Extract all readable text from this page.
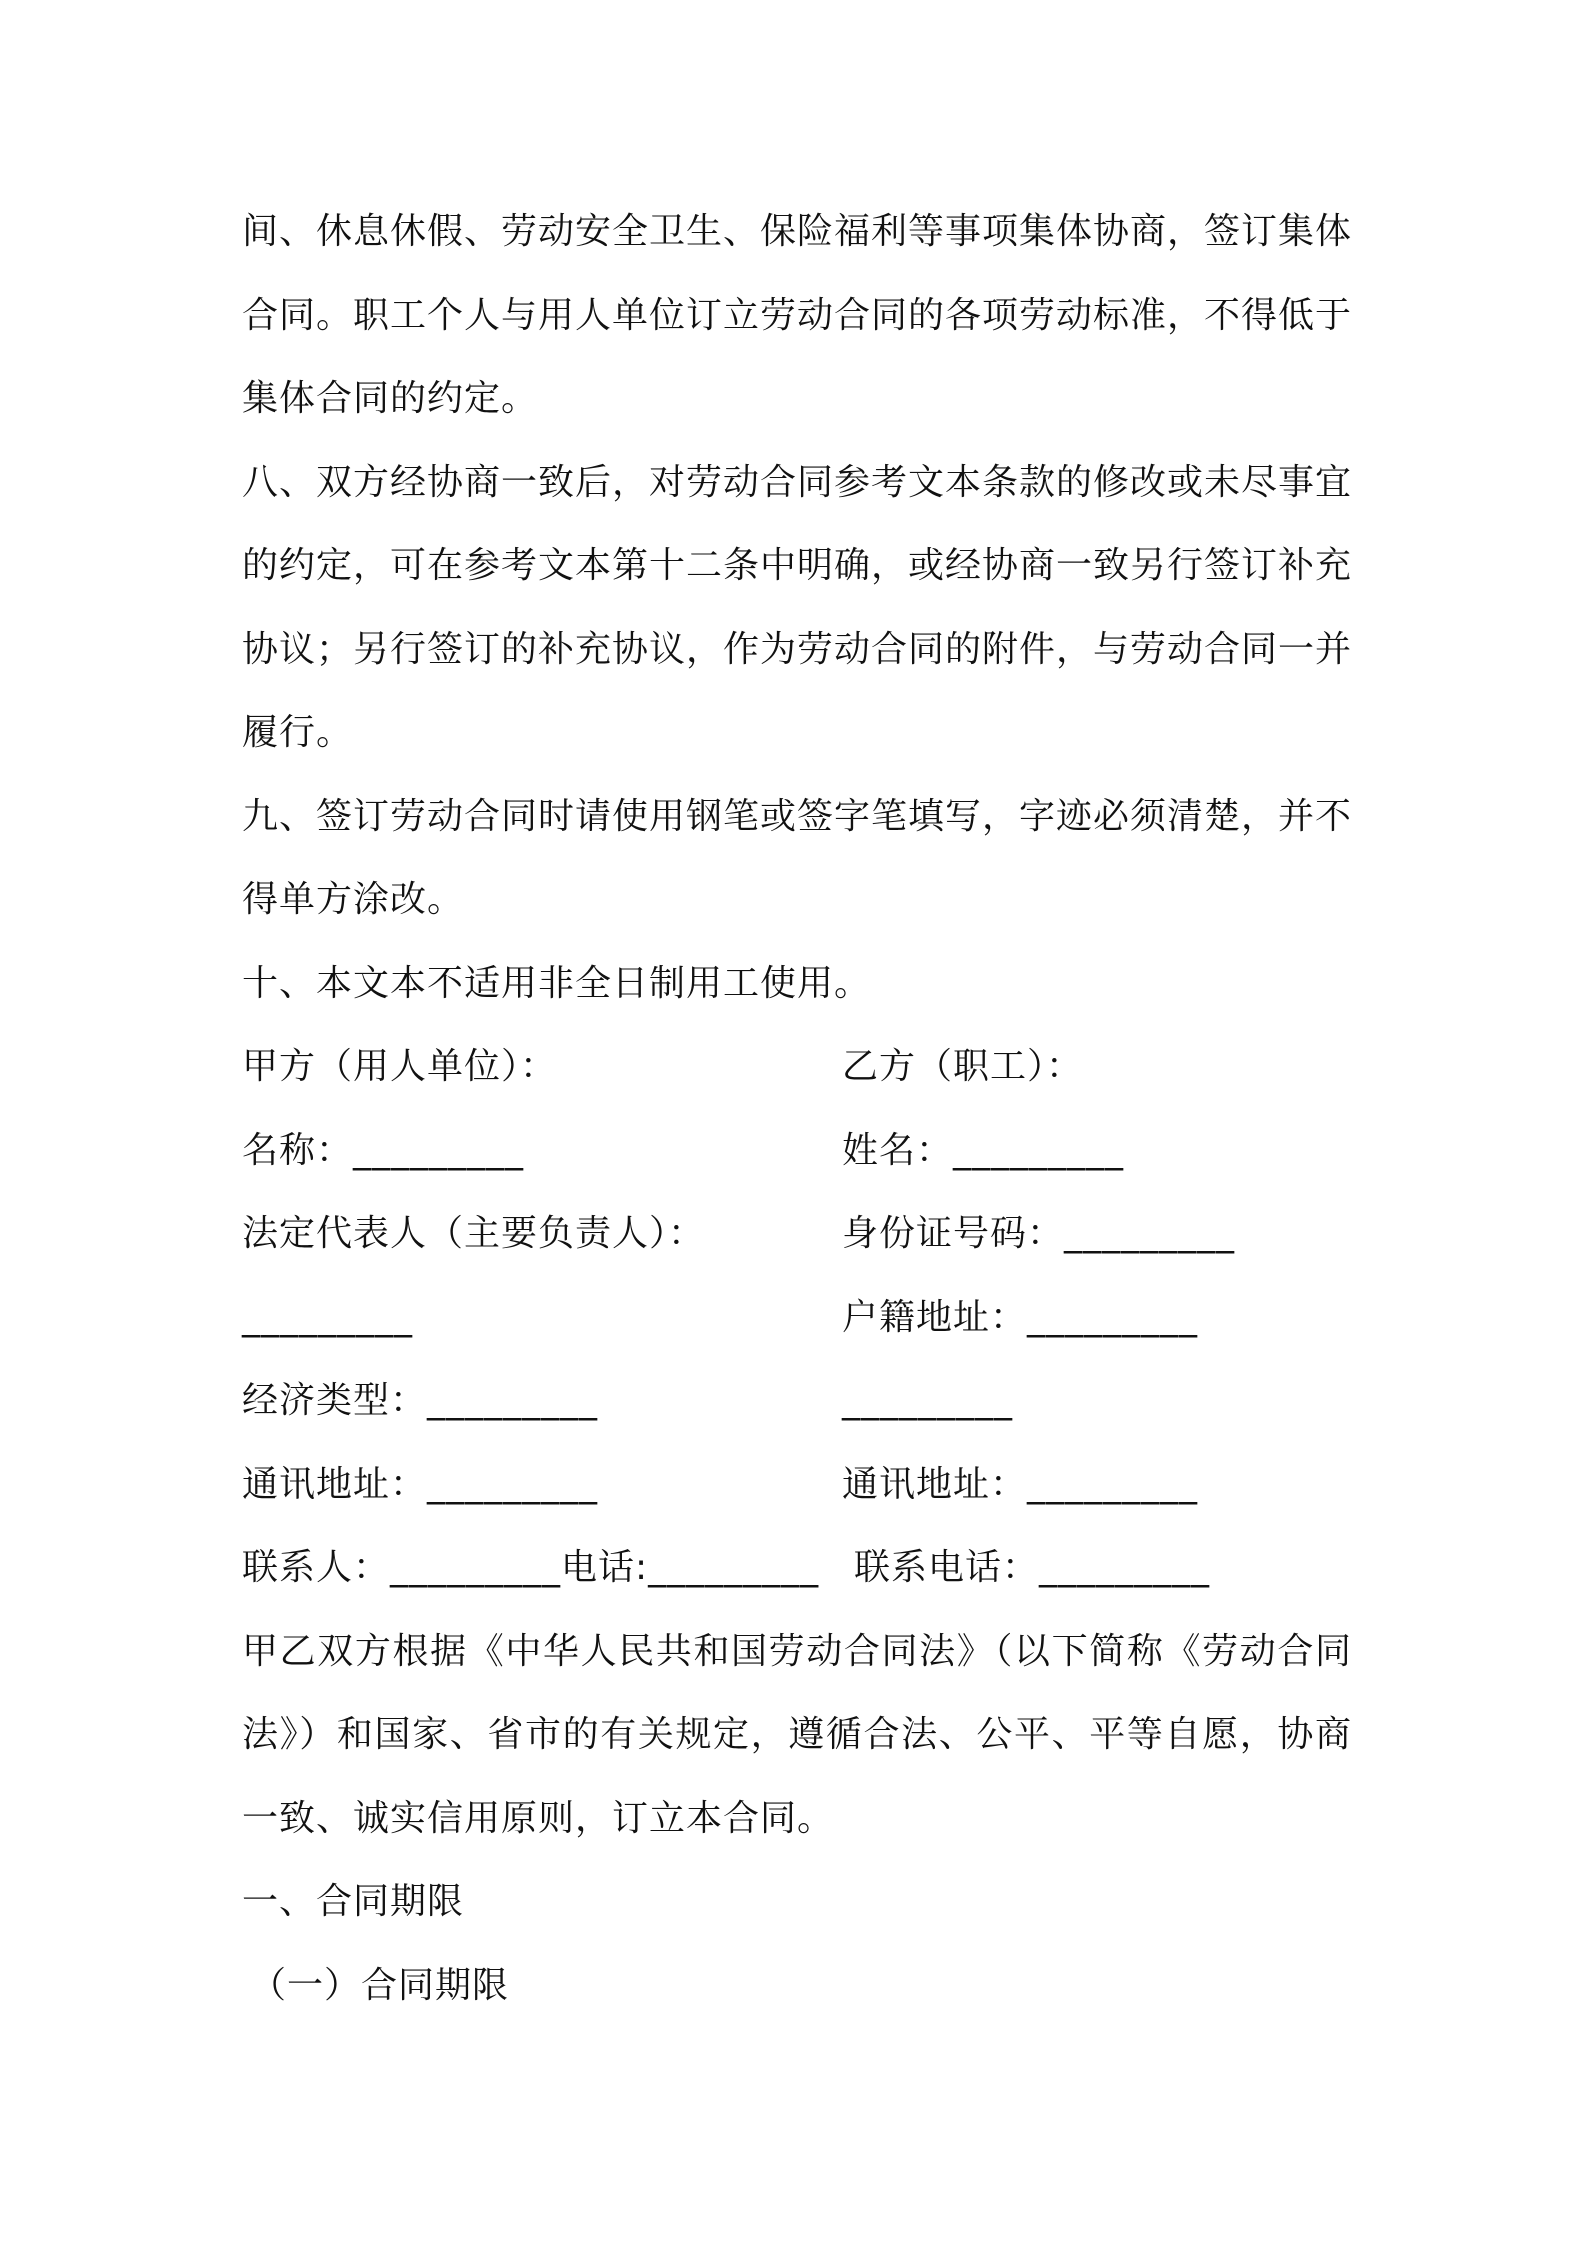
间、休息休假、劳动安全卫生、保险福利等事项集体协商，签订集体合同。职工个人与用人单位订立劳动合同的各项劳动标准，不得低于集体合同的约定。

八、双方经协商一致后，对劳动合同参考文本条款的修改或未尽事宜的约定，可在参考文本第十二条中明确，或经协商一致另行签订补充协议；另行签订的补充协议，作为劳动合同的附件，与劳动合同一并履行。

九、签订劳动合同时请使用钢笔或签字笔填写，字迹必须清楚，并不得单方涂改。

十、本文本不适用非全日制用工使用。

甲方（用人单位）：	乙方（职工）：
名称：_________	姓名：_________
法定代表人（主要负责人）：	身份证号码：_________
_________	户籍地址：_________
经济类型：_________	_________
通讯地址：_________	通讯地址：_________
联系人：_________电话:_________ 联系电话：_________

甲乙双方根据《中华人民共和国劳动合同法》（以下简称《劳动合同法》）和国家、省市的有关规定，遵循合法、公平、平等自愿，协商一致、诚实信用原则，订立本合同。

一、合同期限

（一）合同期限
